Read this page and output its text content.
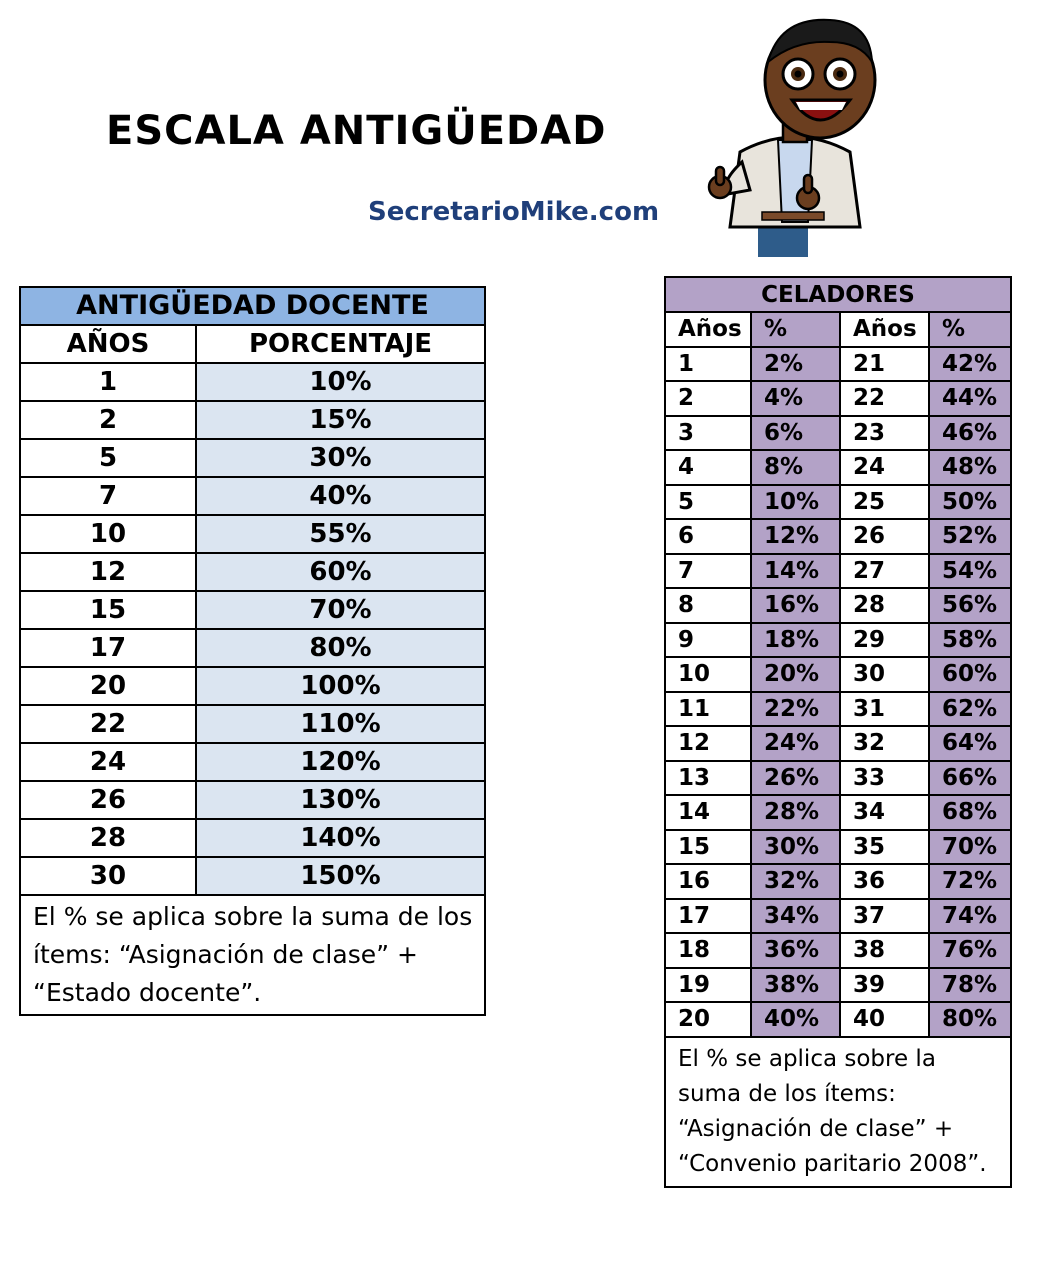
ESCALA ANTIGÜEDAD
SecretarioMike.com
ANTIGÜEDAD DOCENTE	
AÑOS	PORCENTAJE
1	10%
2	15%
5	30%
7	40%
10	55%
12	60%
15	70%
17	80%
20	100%
22	110%
24	120%
26	130%
28	140%
30	150%
El % se aplica sobre la suma de los ítems: “Asignación de clase” + “Estado docente”.	
CELADORES			
Años	%	Años	%
1	2%	21	42%
2	4%	22	44%
3	6%	23	46%
4	8%	24	48%
5	10%	25	50%
6	12%	26	52%
7	14%	27	54%
8	16%	28	56%
9	18%	29	58%
10	20%	30	60%
11	22%	31	62%
12	24%	32	64%
13	26%	33	66%
14	28%	34	68%
15	30%	35	70%
16	32%	36	72%
17	34%	37	74%
18	36%	38	76%
19	38%	39	78%
20	40%	40	80%
El % se aplica sobre la suma de los ítems: “Asignación de clase” + “Convenio paritario 2008”.			
